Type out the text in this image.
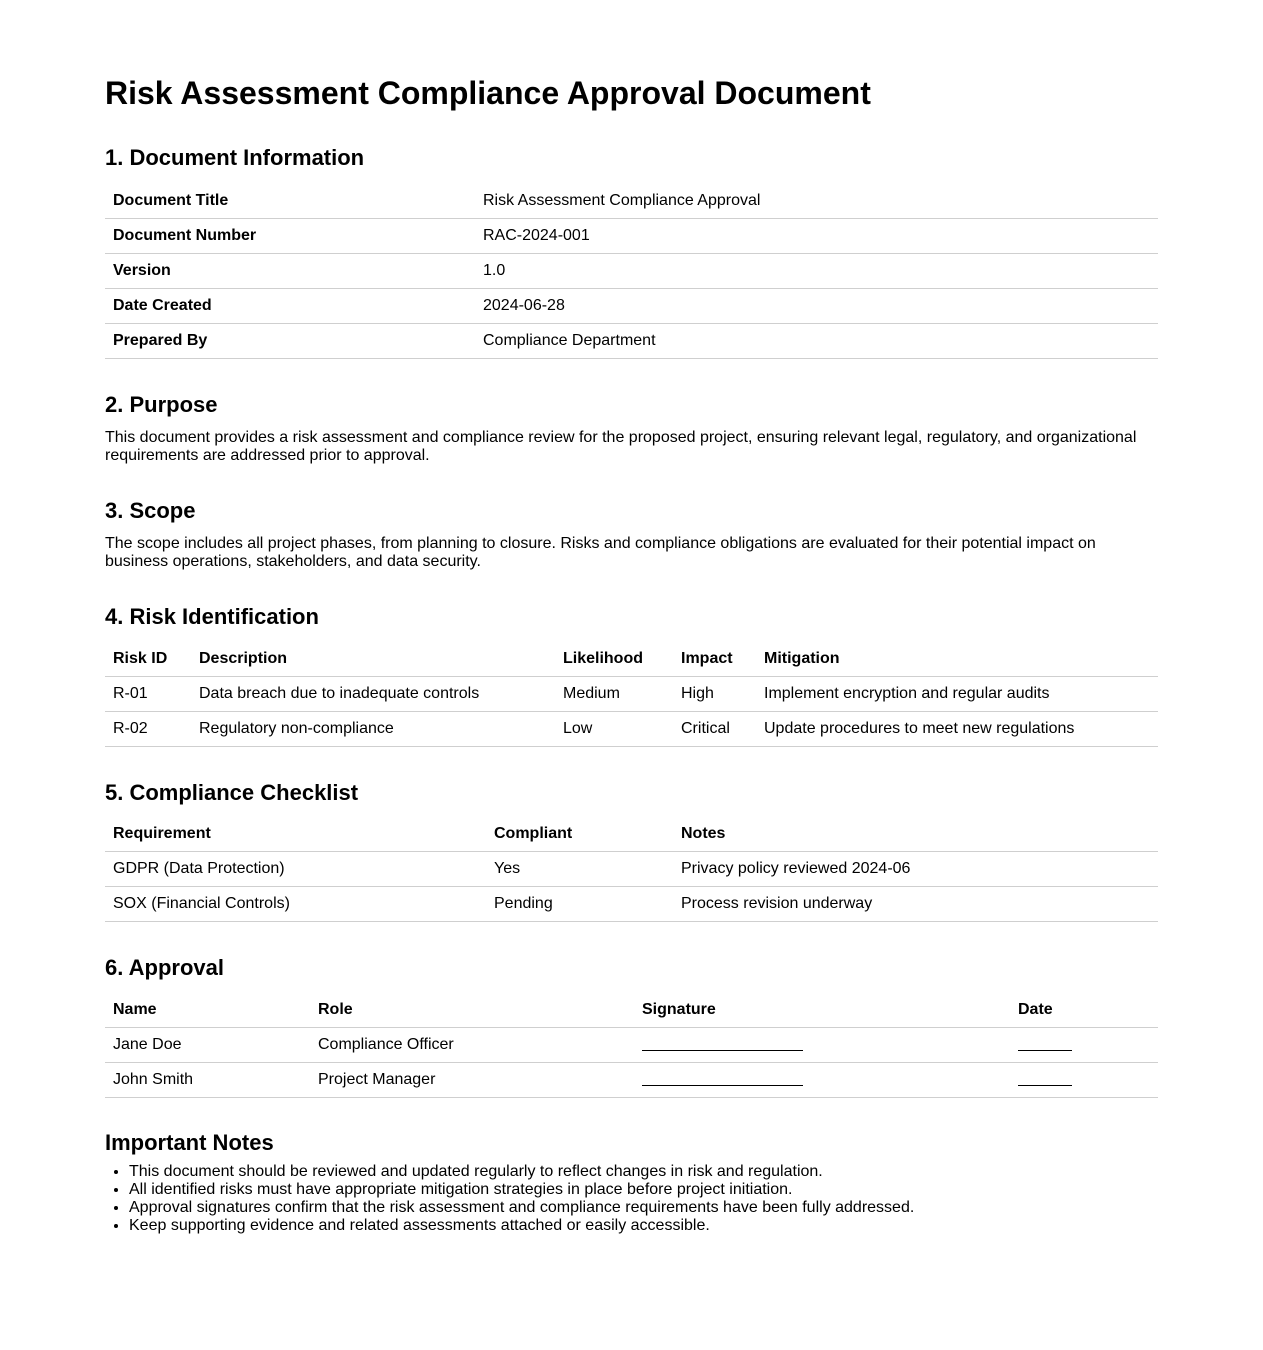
Risk Assessment Compliance Approval Document
1. Document Information
Document Title	Risk Assessment Compliance Approval
Document Number	RAC-2024-001
Version	1.0
Date Created	2024-06-28
Prepared By	Compliance Department
2. Purpose

This document provides a risk assessment and compliance review for the proposed project, ensuring relevant legal, regulatory, and organizational requirements are addressed prior to approval.

3. Scope

The scope includes all project phases, from planning to closure. Risks and compliance obligations are evaluated for their potential impact on business operations, stakeholders, and data security.

4. Risk Identification
Risk ID	Description	Likelihood	Impact	Mitigation
R-01	Data breach due to inadequate controls	Medium	High	Implement encryption and regular audits
R-02	Regulatory non-compliance	Low	Critical	Update procedures to meet new regulations
5. Compliance Checklist
Requirement	Compliant	Notes
GDPR (Data Protection)	Yes	Privacy policy reviewed 2024-06
SOX (Financial Controls)	Pending	Process revision underway
6. Approval
Name	Role	Signature	Date
Jane Doe	Compliance Officer		
John Smith	Project Manager		
Important Notes
• This document should be reviewed and updated regularly to reflect changes in risk and regulation.
• All identified risks must have appropriate mitigation strategies in place before project initiation.
• Approval signatures confirm that the risk assessment and compliance requirements have been fully addressed.
• Keep supporting evidence and related assessments attached or easily accessible.
